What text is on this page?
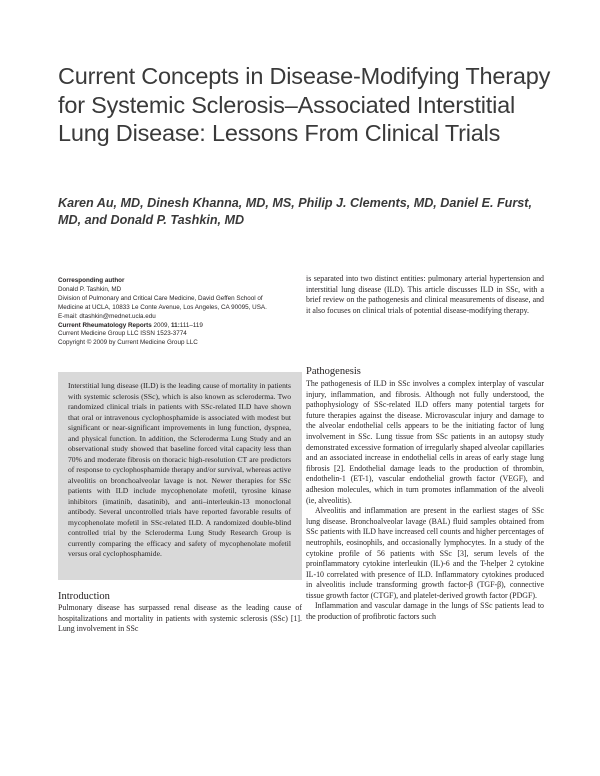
Current Concepts in Disease-Modifying Therapy for Systemic Sclerosis–Associated Interstitial Lung Disease: Lessons From Clinical Trials
Karen Au, MD, Dinesh Khanna, MD, MS, Philip J. Clements, MD, Daniel E. Furst, MD, and Donald P. Tashkin, MD
Corresponding author
Donald P. Tashkin, MD
Division of Pulmonary and Critical Care Medicine, David Geffen School of Medicine at UCLA, 10833 Le Conte Avenue, Los Angeles, CA 90095, USA.
E-mail: dtashkin@mednet.ucla.edu
Current Rheumatology Reports 2009, 11:111–119
Current Medicine Group LLC ISSN 1523-3774
Copyright © 2009 by Current Medicine Group LLC
Interstitial lung disease (ILD) is the leading cause of mortality in patients with systemic sclerosis (SSc), which is also known as scleroderma. Two randomized clinical trials in patients with SSc-related ILD have shown that oral or intravenous cyclophosphamide is associated with modest but significant or near-significant improvements in lung function, dyspnea, and physical function. In addition, the Scleroderma Lung Study and an observational study showed that baseline forced vital capacity less than 70% and moderate fibrosis on thoracic high-resolution CT are predictors of response to cyclophosphamide therapy and/or survival, whereas active alveolitis on bronchoalveolar lavage is not. Newer therapies for SSc patients with ILD include mycophenolate mofetil, tyrosine kinase inhibitors (imatinib, dasatinib), and anti–interleukin-13 monoclonal antibody. Several uncontrolled trials have reported favorable results of mycophenolate mofetil in SSc-related ILD. A randomized double-blind controlled trial by the Scleroderma Lung Study Research Group is currently comparing the efficacy and safety of mycophenolate mofetil versus oral cyclophosphamide.
Introduction

Pulmonary disease has surpassed renal disease as the leading cause of hospitalizations and mortality in patients with systemic sclerosis (SSc) [1]. Lung involvement in SSc

is separated into two distinct entities: pulmonary arterial hypertension and interstitial lung disease (ILD). This article discusses ILD in SSc, with a brief review on the pathogenesis and clinical measurements of disease, and it also focuses on clinical trials of potential disease-modifying therapy.

Pathogenesis

The pathogenesis of ILD in SSc involves a complex interplay of vascular injury, inflammation, and fibrosis. Although not fully understood, the pathophysiology of SSc-related ILD offers many potential targets for future therapies against the disease. Microvascular injury and damage to the alveolar endothelial cells appears to be the initiating factor of lung involvement in SSc. Lung tissue from SSc patients in an autopsy study demonstrated excessive formation of irregularly shaped alveolar capillaries and an associated increase in endothelial cells in areas of early stage lung fibrosis [2]. Endothelial damage leads to the production of thrombin, endothelin-1 (ET-1), vascular endothelial growth factor (VEGF), and adhesion molecules, which in turn promotes inflammation of the alveoli (ie, alveolitis).

Alveolitis and inflammation are present in the earliest stages of SSc lung disease. Bronchoalveolar lavage (BAL) fluid samples obtained from SSc patients with ILD have increased cell counts and higher percentages of neutrophils, eosinophils, and occasionally lymphocytes. In a study of the cytokine profile of 56 patients with SSc [3], serum levels of the proinflammatory cytokine interleukin (IL)-6 and the T-helper 2 cytokine IL-10 correlated with presence of ILD. Inflammatory cytokines produced in alveolitis include transforming growth factor-β (TGF-β), connective tissue growth factor (CTGF), and platelet-derived growth factor (PDGF).

Inflammation and vascular damage in the lungs of SSc patients lead to the production of profibrotic factors such
